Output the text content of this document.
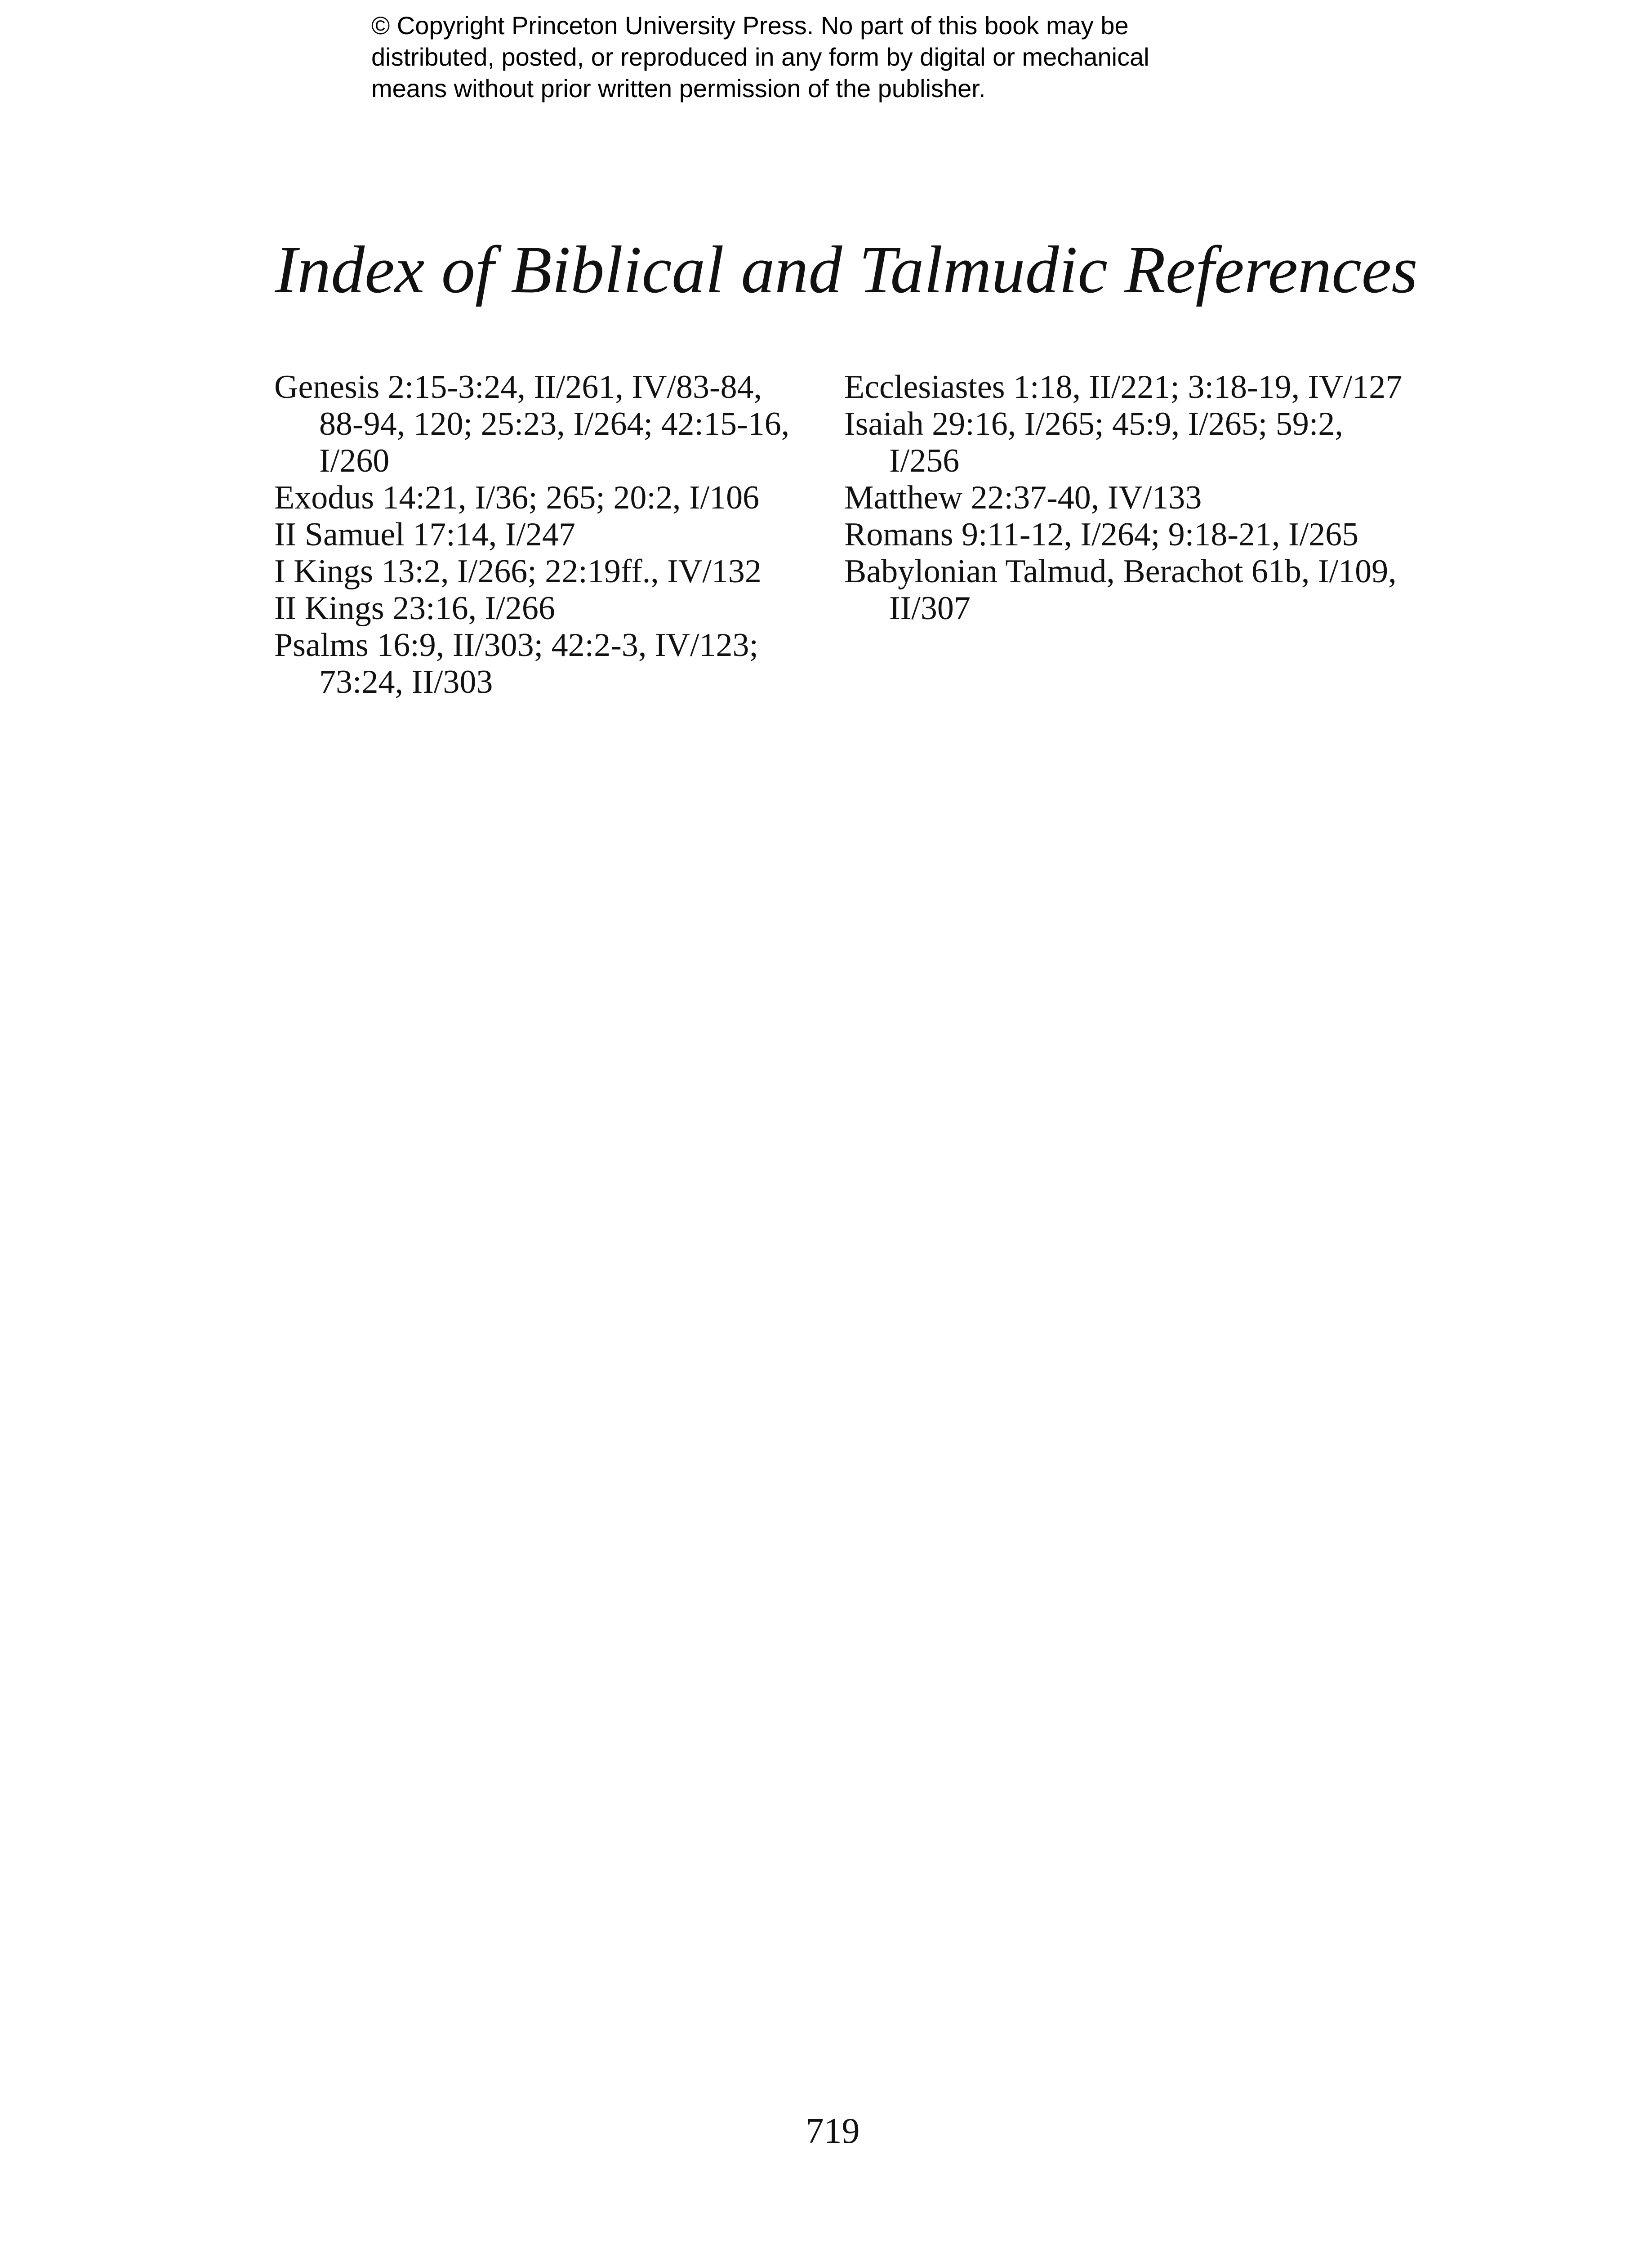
© Copyright Princeton University Press. No part of this book may be
distributed, posted, or reproduced in any form by digital or mechanical
means without prior written permission of the publisher.
Index of Biblical and Talmudic References

Genesis 2:15-3:24, II/261, IV/83-84, 88-94, 120; 25:23, I/264; 42:15-16, I/260

Exodus 14:21, I/36; 265; 20:2, I/106

II Samuel 17:14, I/247

I Kings 13:2, I/266; 22:19ff., IV/132

II Kings 23:16, I/266

Psalms 16:9, II/303; 42:2-3, IV/123; 73:24, II/303

Ecclesiastes 1:18, II/221; 3:18-19, IV/127

Isaiah 29:16, I/265; 45:9, I/265; 59:2, I/256

Matthew 22:37-40, IV/133

Romans 9:11-12, I/264; 9:18-21, I/265

Babylonian Talmud, Berachot 61b, I/109, II/307

719
